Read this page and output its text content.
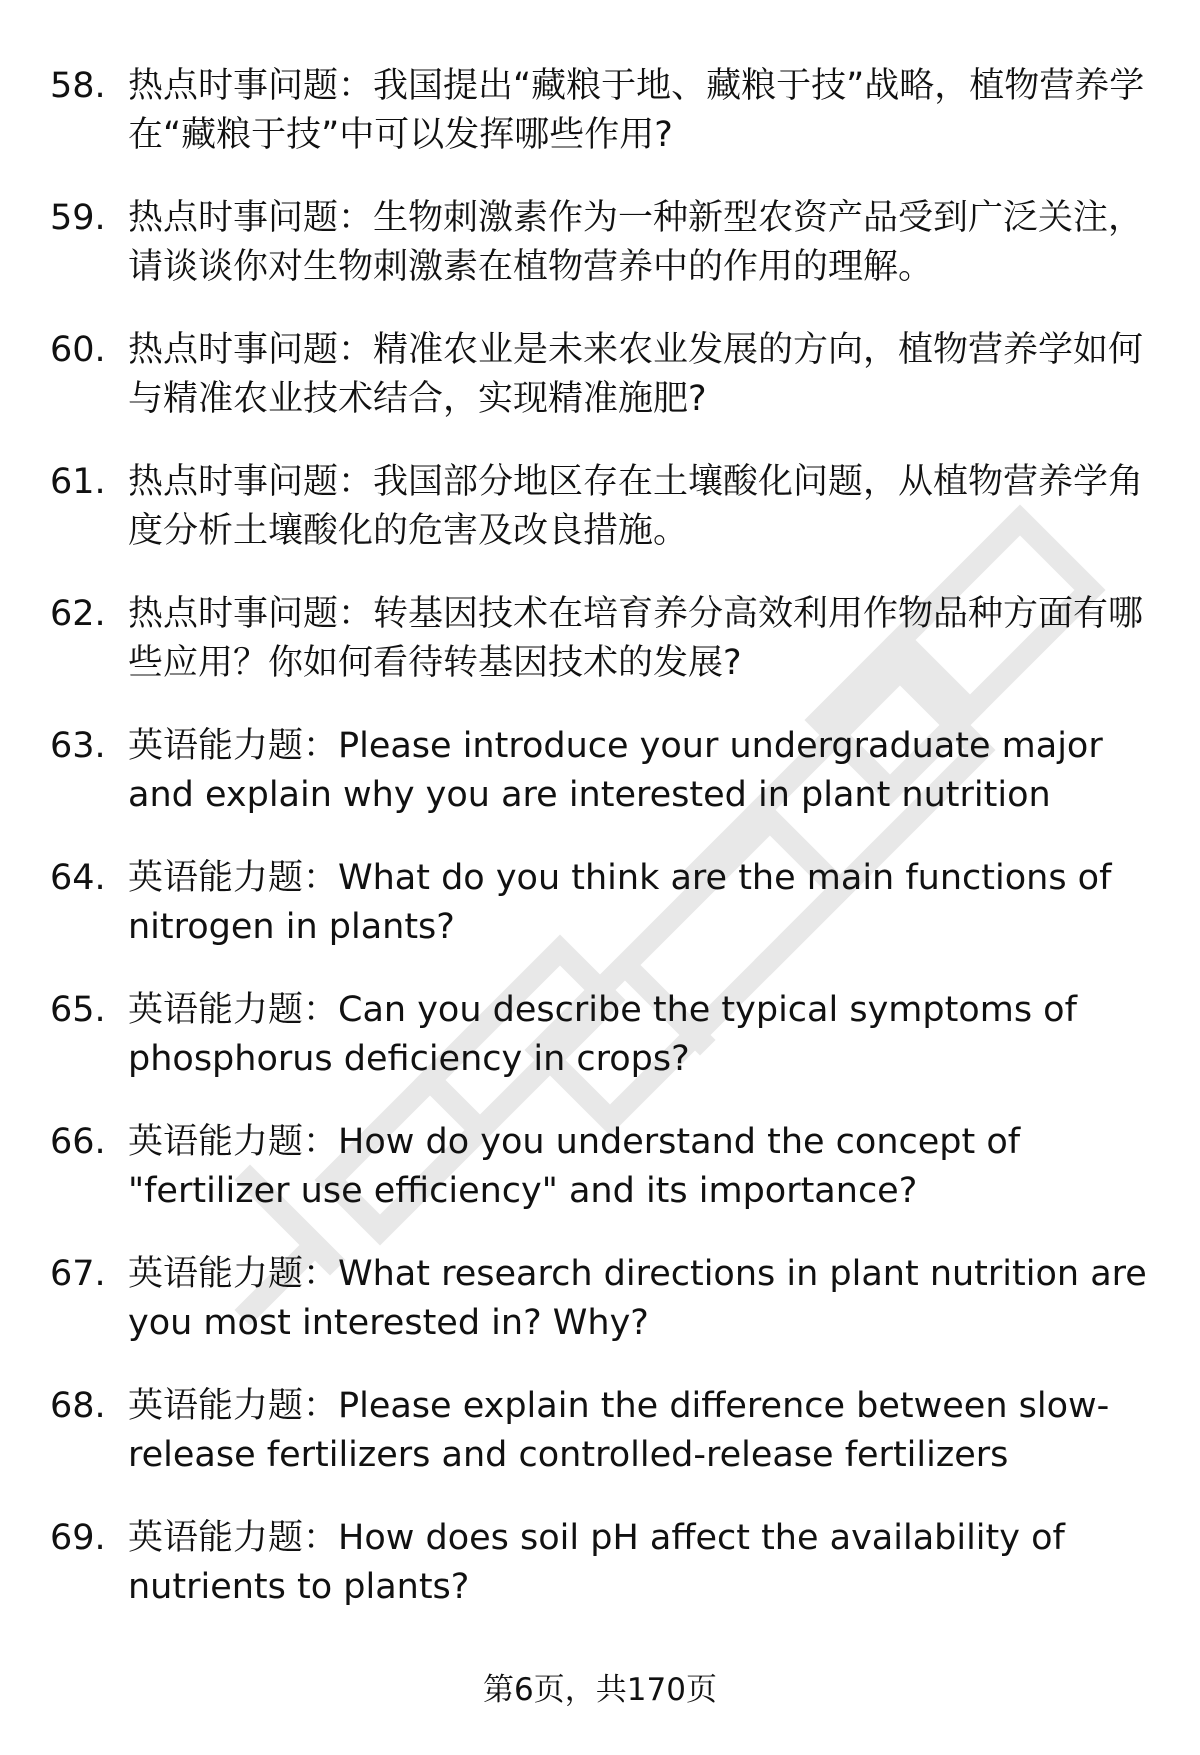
58. 热点时事问题：我国提出“藏粮于地、藏粮于技”战略，植物营养学在“藏粮于技”中可以发挥哪些作用?
59. 热点时事问题：生物刺激素作为一种新型农资产品受到广泛关注，请谈谈你对生物刺激素在植物营养中的作用的理解。
60. 热点时事问题：精准农业是未来农业发展的方向，植物营养学如何与精准农业技术结合，实现精准施肥?
61. 热点时事问题：我国部分地区存在土壤酸化问题，从植物营养学角度分析土壤酸化的危害及改良措施。
62. 热点时事问题：转基因技术在培育养分高效利用作物品种方面有哪些应用？你如何看待转基因技术的发展?
63. 英语能力题：Please introduce your undergraduate major and explain why you are interested in plant nutrition
64. 英语能力题：What do you think are the main functions of nitrogen in plants?
65. 英语能力题：Can you describe the typical symptoms of phosphorus deficiency in crops?
66. 英语能力题：How do you understand the concept of "fertilizer use efficiency" and its importance?
67. 英语能力题：What research directions in plant nutrition are you most interested in? Why?
68. 英语能力题：Please explain the difference between slow-release fertilizers and controlled-release fertilizers
69. 英语能力题：How does soil pH affect the availability of nutrients to plants?
第6页，共170页
